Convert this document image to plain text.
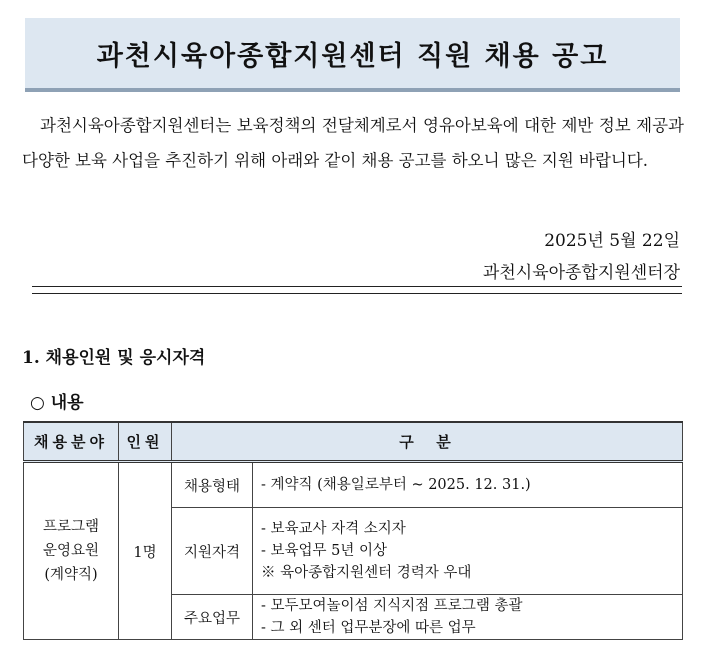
과천시육아종합지원센터 직원 채용 공고

과천시육아종합지원센터는 보육정책의 전달체계로서 영유아보육에 대한 제반 정보 제공과 다양한 보육 사업을 추진하기 위해 아래와 같이 채용 공고를 하오니 많은 지원 바랍니다.

2025년 5월 22일
과천시육아종합지원센터장
1. 채용인원 및 응시자격
○ 내용
채용분야	인원	구  분	

프로그램
운영요원
(계약직)	1명	채용형태	- 계약직 (채용일로부터 ~ 2025. 12. 31.)

		지원자격	- 보육교사 자격 소지자
- 보육업무 5년 이상
※ 육아종합지원센터 경력자 우대

		주요업무	- 모두모여놀이섬 지식지점 프로그램 총괄
- 그 외 센터 업무분장에 따른 업무
